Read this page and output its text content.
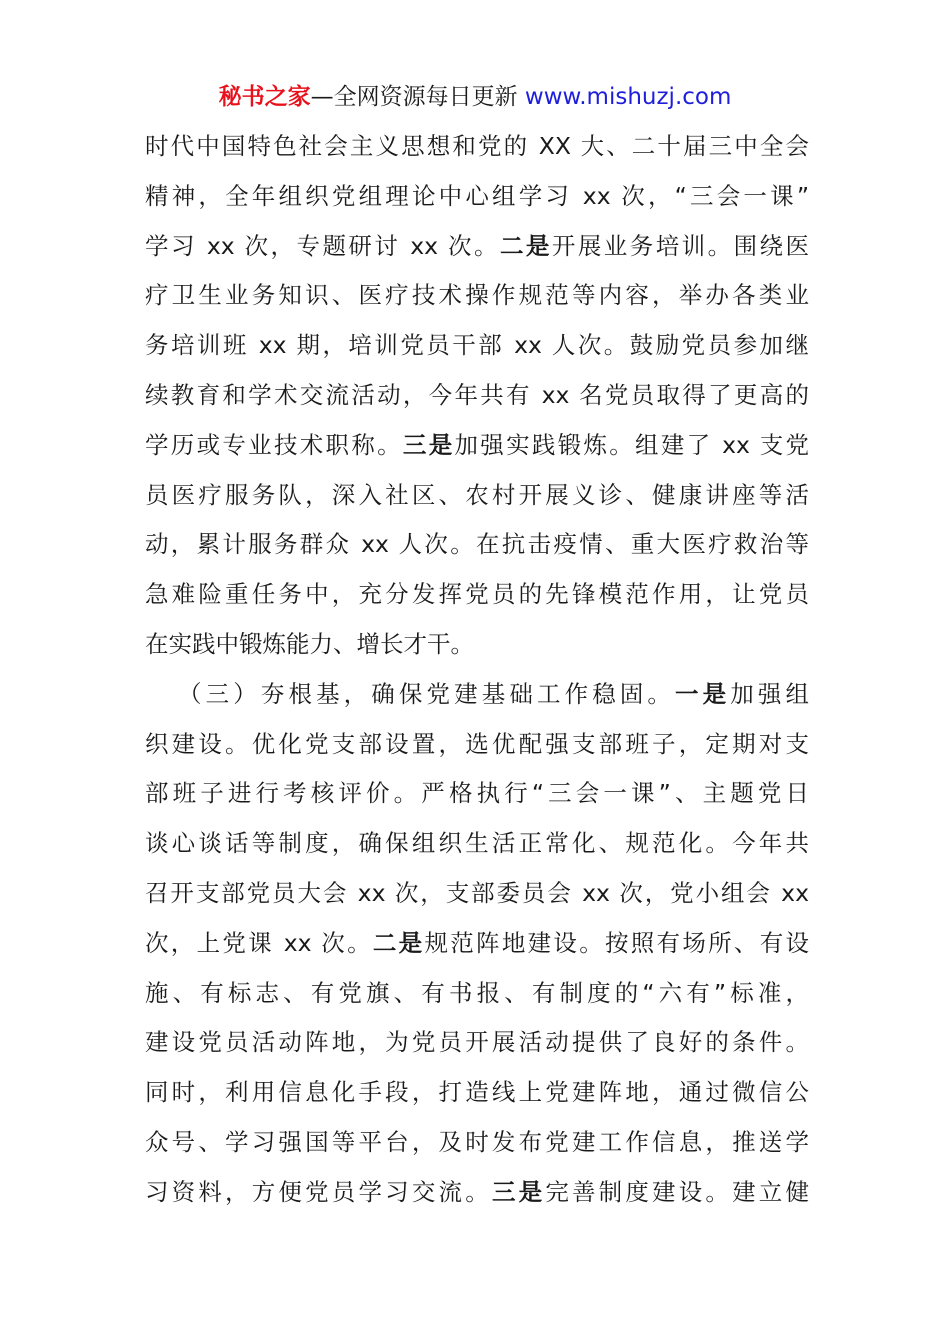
秘书之家—全网资源每日更新 www.mishuzj.com
时代中国特色社会主义思想和党的 XX 大、二十届三中全会
精神，全年组织党组理论中心组学习 xx 次，“三会一课”
学习 xx 次，专题研讨 xx 次。二是开展业务培训。围绕医
疗卫生业务知识、医疗技术操作规范等内容，举办各类业
务培训班 xx 期，培训党员干部 xx 人次。鼓励党员参加继
续教育和学术交流活动，今年共有 xx 名党员取得了更高的
学历或专业技术职称。三是加强实践锻炼。组建了 xx 支党
员医疗服务队，深入社区、农村开展义诊、健康讲座等活
动，累计服务群众 xx 人次。在抗击疫情、重大医疗救治等
急难险重任务中，充分发挥党员的先锋模范作用，让党员
在实践中锻炼能力、增长才干。
（三）夯根基，确保党建基础工作稳固。一是加强组
织建设。优化党支部设置，选优配强支部班子，定期对支
部班子进行考核评价。严格执行“三会一课”、主题党日
谈心谈话等制度，确保组织生活正常化、规范化。今年共
召开支部党员大会 xx 次，支部委员会 xx 次，党小组会 xx
次，上党课 xx 次。二是规范阵地建设。按照有场所、有设
施、有标志、有党旗、有书报、有制度的“六有”标准，
建设党员活动阵地，为党员开展活动提供了良好的条件。
同时，利用信息化手段，打造线上党建阵地，通过微信公
众号、学习强国等平台，及时发布党建工作信息，推送学
习资料，方便党员学习交流。三是完善制度建设。建立健
